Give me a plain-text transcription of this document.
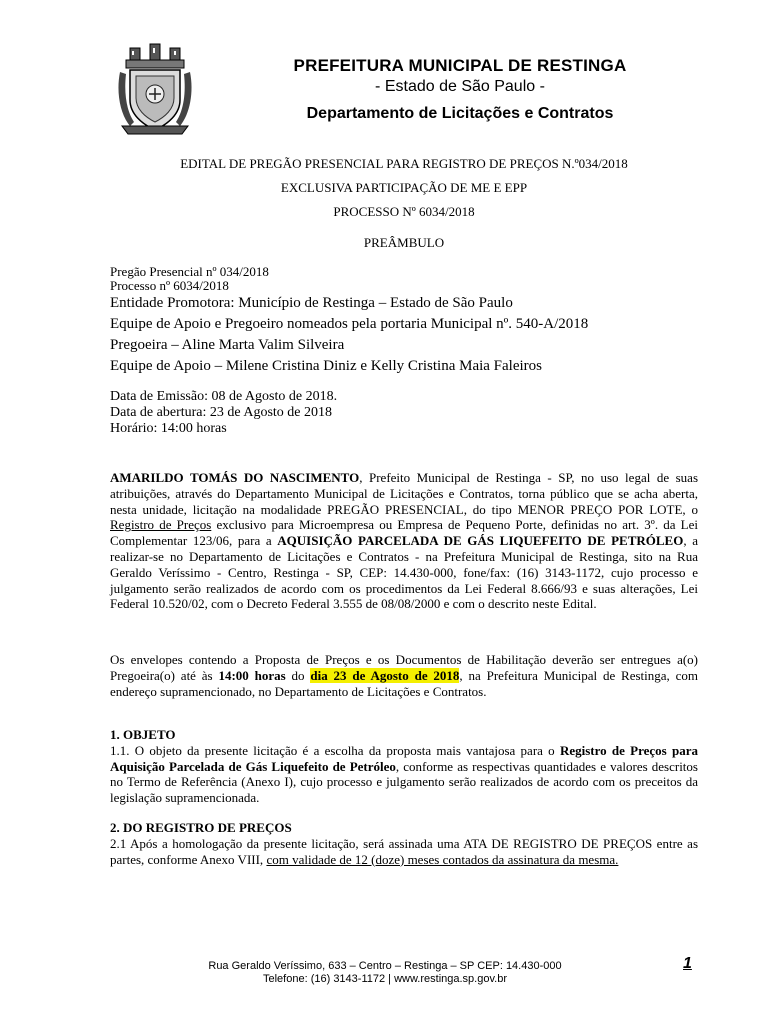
PREFEITURA MUNICIPAL DE RESTINGA
- Estado de São Paulo -
Departamento de Licitações e Contratos
EDITAL DE PREGÃO PRESENCIAL PARA REGISTRO DE PREÇOS N.º034/2018
EXCLUSIVA PARTICIPAÇÃO DE ME E EPP
PROCESSO Nº 6034/2018
PREÂMBULO
Pregão Presencial nº 034/2018
Processo nº 6034/2018
Entidade Promotora: Município de Restinga – Estado de São Paulo
Equipe de Apoio e Pregoeiro nomeados pela portaria Municipal nº. 540-A/2018
Pregoeira – Aline Marta Valim Silveira
Equipe de Apoio – Milene Cristina Diniz e Kelly Cristina Maia Faleiros
Data de Emissão: 08 de Agosto de 2018.
Data de abertura: 23 de Agosto de 2018
Horário: 14:00 horas
AMARILDO TOMÁS DO NASCIMENTO, Prefeito Municipal de Restinga - SP, no uso legal de suas atribuições, através do Departamento Municipal de Licitações e Contratos, torna público que se acha aberta, nesta unidade, licitação na modalidade PREGÃO PRESENCIAL, do tipo MENOR PREÇO POR LOTE, o Registro de Preços exclusivo para Microempresa ou Empresa de Pequeno Porte, definidas no art. 3º. da Lei Complementar 123/06, para a AQUISIÇÃO PARCELADA DE GÁS LIQUEFEITO DE PETRÓLEO, a realizar-se no Departamento de Licitações e Contratos - na Prefeitura Municipal de Restinga, sito na Rua Geraldo Veríssimo - Centro, Restinga - SP, CEP: 14.430-000, fone/fax: (16) 3143-1172, cujo processo e julgamento serão realizados de acordo com os procedimentos da Lei Federal 8.666/93 e suas alterações, Lei Federal 10.520/02, com o Decreto Federal 3.555 de 08/08/2000 e com o descrito neste Edital.
Os envelopes contendo a Proposta de Preços e os Documentos de Habilitação deverão ser entregues a(o) Pregoeira(o) até às 14:00 horas do dia 23 de Agosto de 2018, na Prefeitura Municipal de Restinga, com endereço supramencionado, no Departamento de Licitações e Contratos.
1. OBJETO
1.1. O objeto da presente licitação é a escolha da proposta mais vantajosa para o Registro de Preços para Aquisição Parcelada de Gás Liquefeito de Petróleo, conforme as respectivas quantidades e valores descritos no Termo de Referência (Anexo I), cujo processo e julgamento serão realizados de acordo com os preceitos da legislação supramencionada.
2. DO REGISTRO DE PREÇOS
2.1 Após a homologação da presente licitação, será assinada uma ATA DE REGISTRO DE PREÇOS entre as partes, conforme Anexo VIII, com validade de 12 (doze) meses contados da assinatura da mesma.
Rua Geraldo Veríssimo, 633 – Centro – Restinga – SP CEP: 14.430-000
Telefone: (16) 3143-1172 | www.restinga.sp.gov.br
1
